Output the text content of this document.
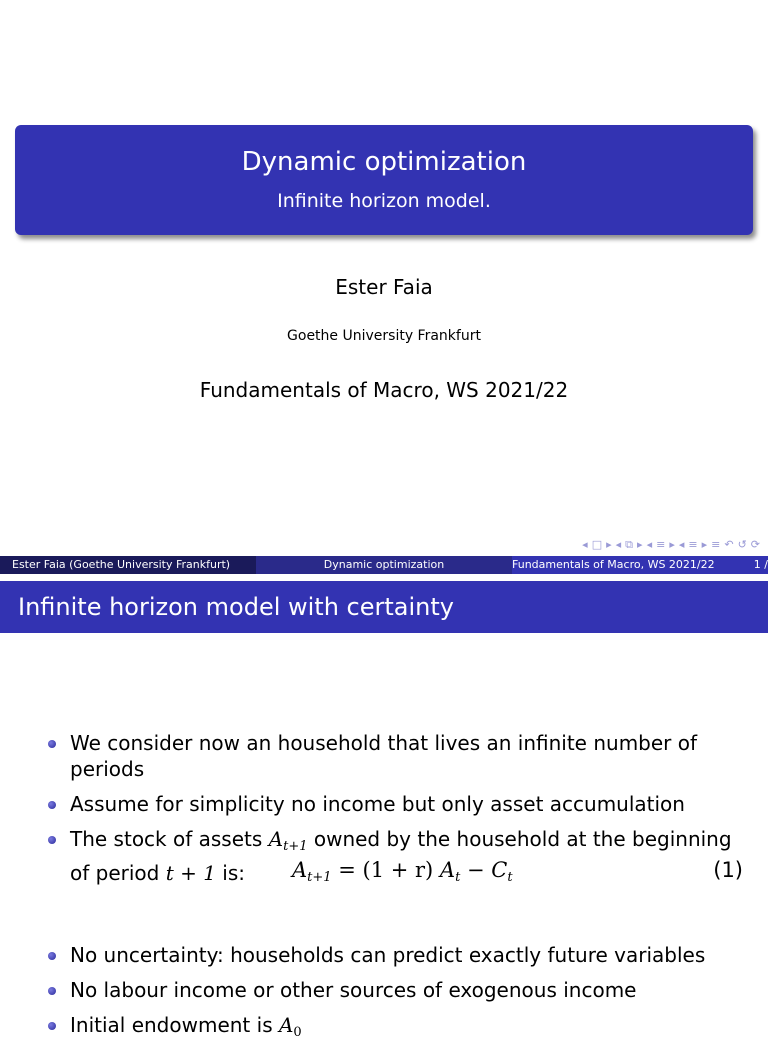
Dynamic optimization
Infinite horizon model.
Ester Faia
Goethe University Frankfurt
Fundamentals of Macro, WS 2021/22
◂ □ ▸ ◂ ⧉ ▸ ◂ ≡ ▸ ◂ ≡ ▸ ≡ ↶ ↺ ⟳
Ester Faia (Goethe University Frankfurt)	Dynamic optimization	Fundamentals of Macro, WS 2021/22	1 /
Infinite horizon model with certainty
We consider now an household that lives an infinite number of periods
Assume for simplicity no income but only asset accumulation
The stock of assets $A_{t+1}$ owned by the household at the beginning of period t + 1 is:
No uncertainty: households can predict exactly future variables
No labour income or other sources of exogenous income
Initial endowment is $A_0$
$A_{t+1} = (1 + r) A_t - C_t$	(1)
